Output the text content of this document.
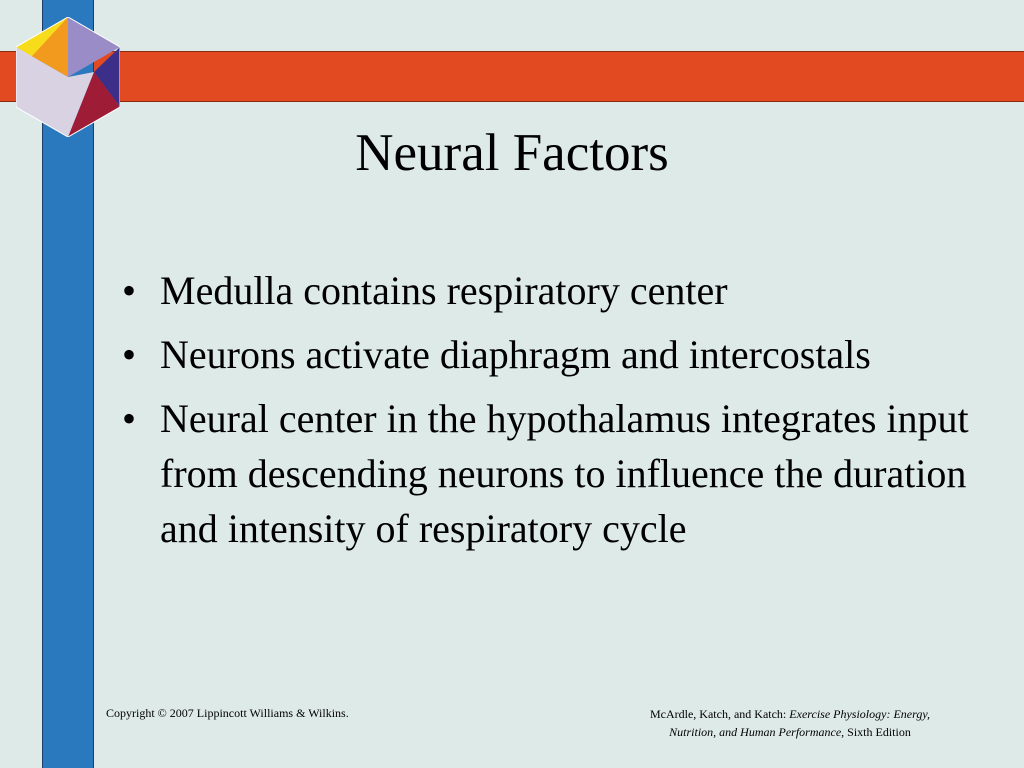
Neural Factors
• Medulla contains respiratory center
• Neurons activate diaphragm and intercostals
• Neural center in the hypothalamus integrates input from descending neurons to influence the duration and intensity of respiratory cycle
Copyright © 2007 Lippincott Williams & Wilkins.	McArdle, Katch, and Katch: Exercise Physiology: Energy,
Nutrition, and Human Performance, Sixth Edition
